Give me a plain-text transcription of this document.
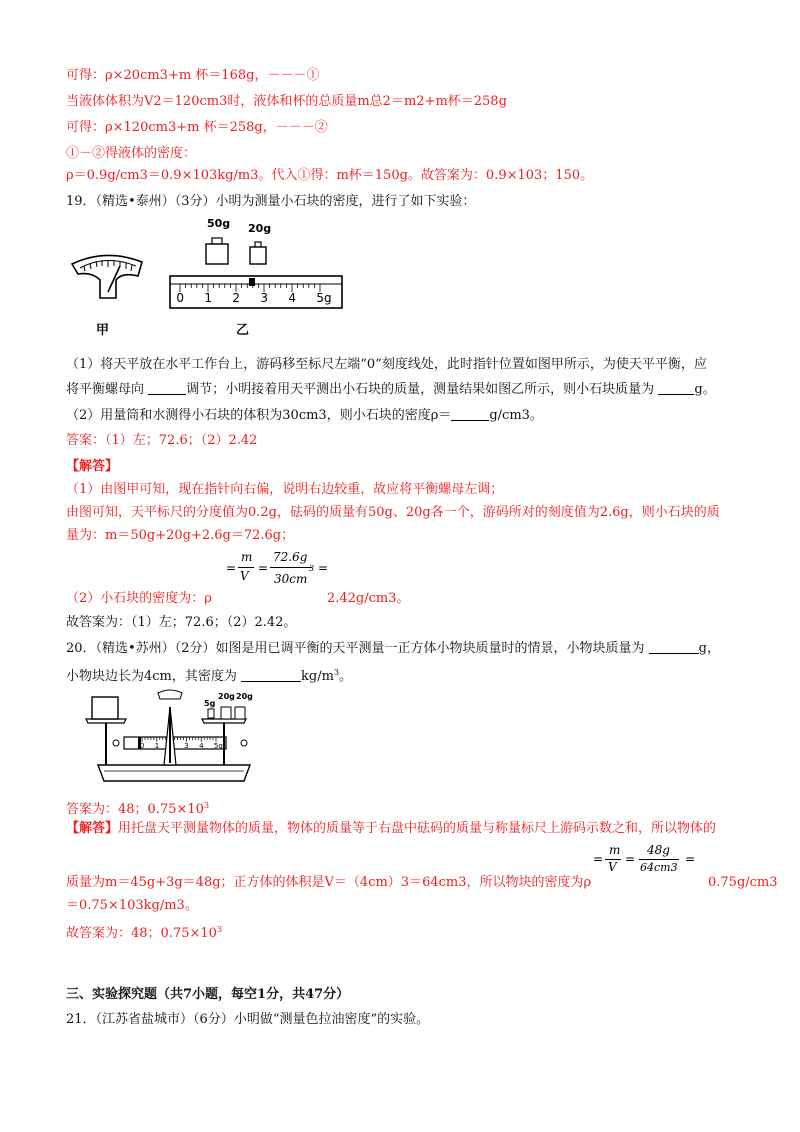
可得：ρ×20cm3+m 杯＝168g，－－－①
当液体体积为V2＝120cm3时，液体和杯的总质量m总2＝m2+m杯＝258g
可得：ρ×120cm3+m 杯＝258g，－－－②
①－②得液体的密度：
ρ＝0.9g/cm3＝0.9×103kg/m3。代入①得：m杯＝150g。故答案为：0.9×103；150。
19．（精选•泰州）（3分）小明为测量小石块的密度，进行了如下实验：
50g 20g
0 1 2 3 4 5g
甲	乙
（1）将天平放在水平工作台上，游码移至标尺左端“0”刻度线处，此时指针位置如图甲所示，为使天平平衡，应
将平衡螺母向	调节；小明接着用天平测出小石块的质量，测量结果如图乙所示，则小石块质量为	g。
（2）用量筒和水测得小石块的体积为30cm3，则小石块的密度ρ＝	g/cm3。
答案：（1）左；72.6；（2）2.42
【解答】
（1）由图甲可知，现在指针向右偏，说明右边较重，故应将平衡螺母左调；
由图可知，天平标尺的分度值为0.2g，砝码的质量有50g、20g各一个，游码所对的刻度值为2.6g，则小石块的质
量为：m＝50g+20g+2.6g＝72.6g；
=
m
V
=
72.6g
30cm
3 =
（2）小石块的密度为：ρ	2.42g/cm3。
故答案为：（1）左；72.6；（2）2.42。
20．（精选•苏州）（2分）如图是用已调平衡的天平测量一正方体小物块质量时的情景，小物块质量为	g，
小物块边长为4cm，其密度为	$kg/m^3$。
0 1	3 4 5g
20g 20g
5g
答案为：48；$0.75\times 10^3$
【解答】用托盘天平测量物体的质量，物体的质量等于右盘中砝码的质量与称量标尺上游码示数之和，所以物体的
=
m
V
=
48g
64cm3
=
质量为m＝45g+3g＝48g；正方体的体积是V＝（4cm）3＝64cm3，所以物块的密度为ρ	0.75g/cm3
＝0.75×103kg/m3。
故答案为：48；$0.75\times 10^3$
三、实验探究题（共7小题，每空1分，共47分）
21．（江苏省盐城市）（6分）小明做“测量色拉油密度”的实验。
